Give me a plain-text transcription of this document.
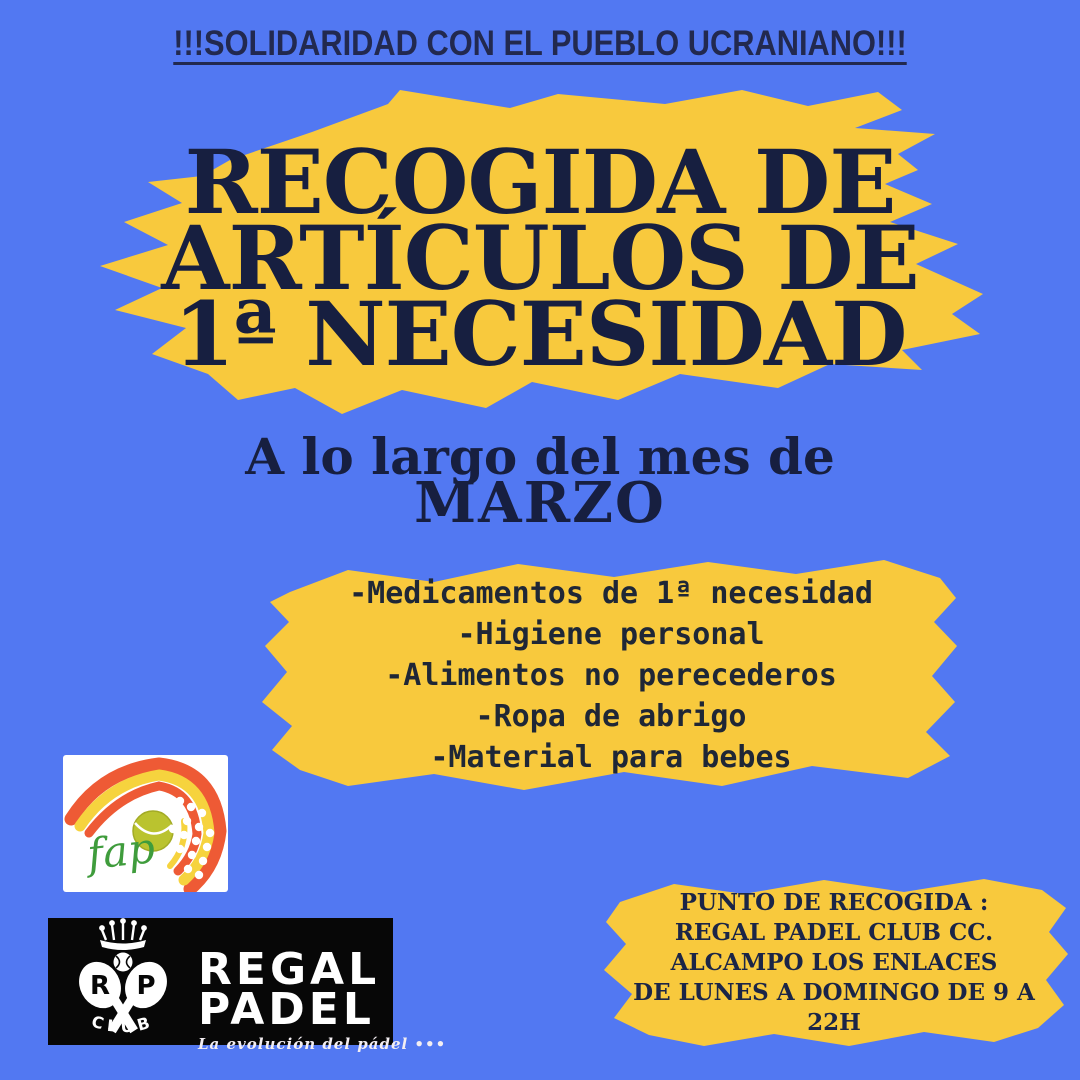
!!!SOLIDARIDAD CON EL PUEBLO UCRANIANO!!!
RECOGIDA DE
ARTÍCULOS DE
1ª NECESIDAD
A lo largo del mes de
MARZO
-Medicamentos de 1ª necesidad
-Higiene personal
-Alimentos no perecederos
-Ropa de abrigo
-Material para bebes
fap
R P
CLUB
REGAL
PADEL
La evolución del pádel •••
PUNTO DE RECOGIDA :
REGAL PADEL CLUB CC. ALCAMPO LOS ENLACES
DE LUNES A DOMINGO DE 9 A 22H
